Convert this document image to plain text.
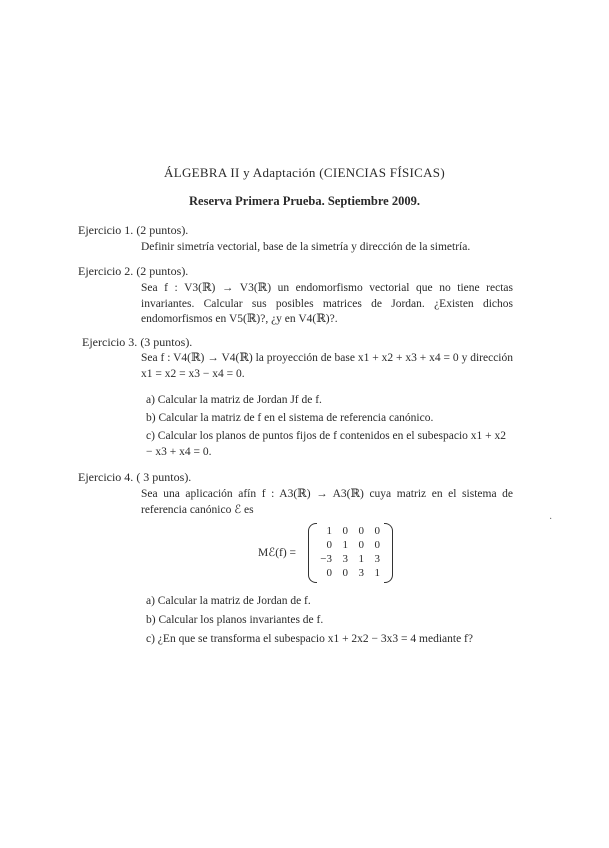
ÁLGEBRA II y Adaptación (CIENCIAS FÍSICAS)
Reserva Primera Prueba. Septiembre 2009.
Ejercicio 1. (2 puntos).
Definir simetría vectorial, base de la simetría y dirección de la simetría.
Ejercicio 2. (2 puntos).
Sea f : V3(ℝ) → V3(ℝ) un endomorfismo vectorial que no tiene rectas invariantes. Calcular sus posibles matrices de Jordan. ¿Existen dichos endomorfismos en V5(ℝ)?, ¿y en V4(ℝ)?.
Ejercicio 3. (3 puntos).
Sea f : V4(ℝ) → V4(ℝ) la proyección de base x1 + x2 + x3 + x4 = 0 y dirección x1 = x2 = x3 − x4 = 0.
a) Calcular la matriz de Jordan Jf de f.
b) Calcular la matriz de f en el sistema de referencia canónico.
c) Calcular los planos de puntos fijos de f contenidos en el subespacio x1 + x2 − x3 + x4 = 0.
Ejercicio 4. ( 3 puntos).
Sea una aplicación afín f : A3(ℝ) → A3(ℝ) cuya matriz en el sistema de referencia canónico ℰ es
Mℰ(f) =
1 0 0 0
0 1 0 0
−3 3 1 3
0 0 3 1
a) Calcular la matriz de Jordan de f.
b) Calcular los planos invariantes de f.
c) ¿En que se transforma el subespacio x1 + 2x2 − 3x3 = 4 mediante f?
·
